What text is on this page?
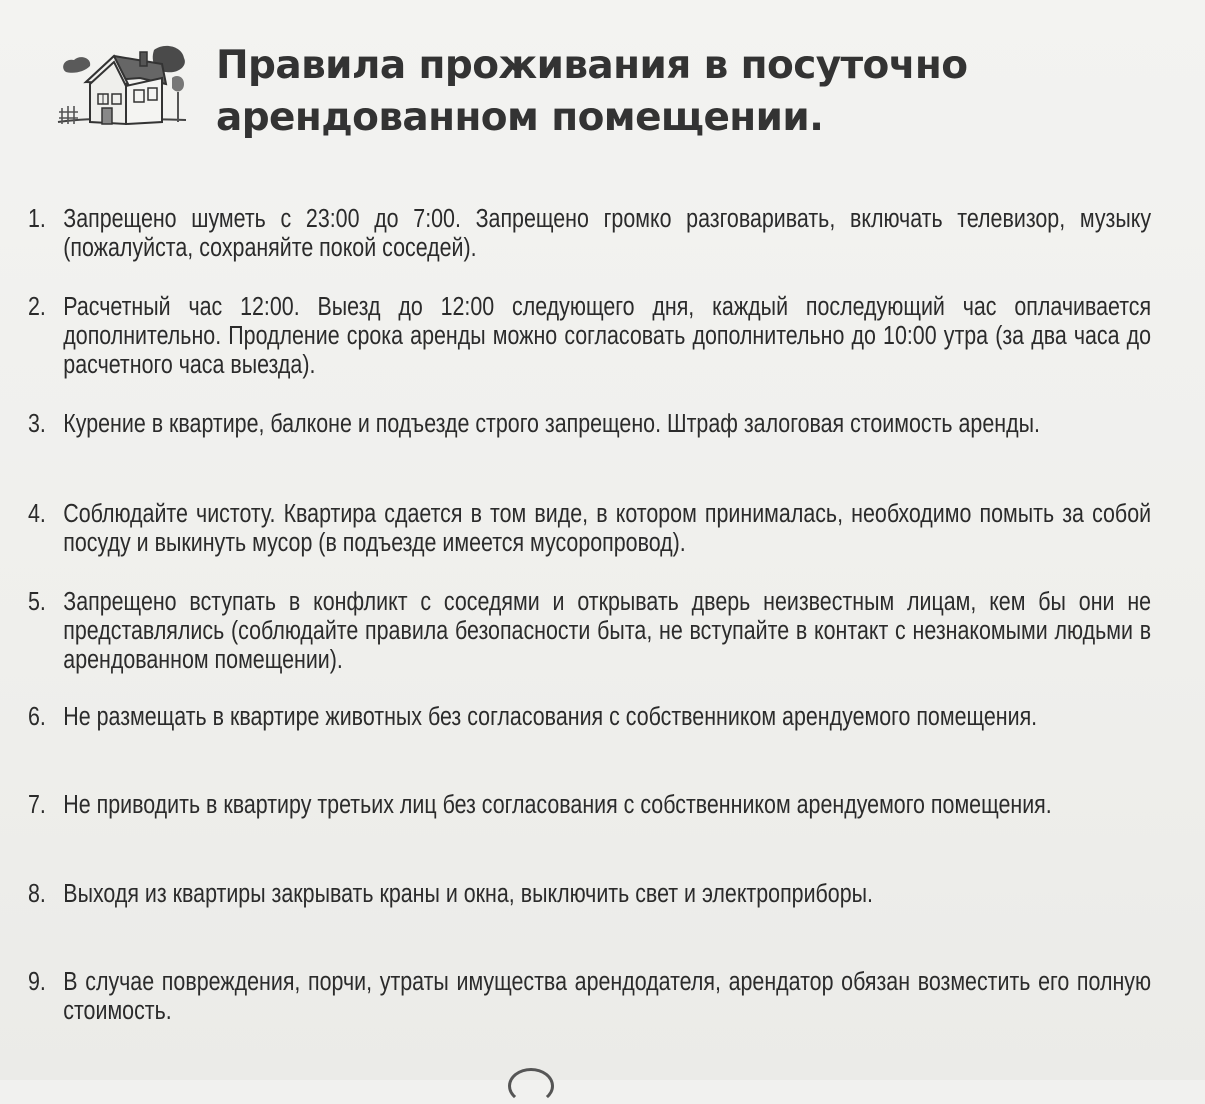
Правила проживания в посуточно
арендованном помещении.
1. Запрещено шуметь с 23:00 до 7:00. Запрещено громко разговаривать, включать телевизор, музыку (пожалуйста, сохраняйте покой соседей).
2. Расчетный час 12:00. Выезд до 12:00 следующего дня, каждый последующий час оплачивается дополнительно. Продление срока аренды можно согласовать дополнительно до 10:00 утра (за два часа до расчетного часа выезда).
3. Курение в квартире, балконе и подъезде строго запрещено. Штраф залоговая стоимость аренды.
4. Соблюдайте чистоту. Квартира сдается в том виде, в котором принималась, необходимо помыть за собой посуду и выкинуть мусор (в подъезде имеется мусоропровод).
5. Запрещено вступать в конфликт с соседями и открывать дверь неизвестным лицам, кем бы они не представлялись (соблюдайте правила безопасности быта, не вступайте в контакт с незнакомыми людьми в арендованном помещении).
6. Не размещать в квартире животных без согласования с собственником арендуемого помещения.
7. Не приводить в квартиру третьих лиц без согласования с собственником арендуемого помещения.
8. Выходя из квартиры закрывать краны и окна, выключить свет и электроприборы.
9. В случае повреждения, порчи, утраты имущества арендодателя, арендатор обязан возместить его полную стоимость.
